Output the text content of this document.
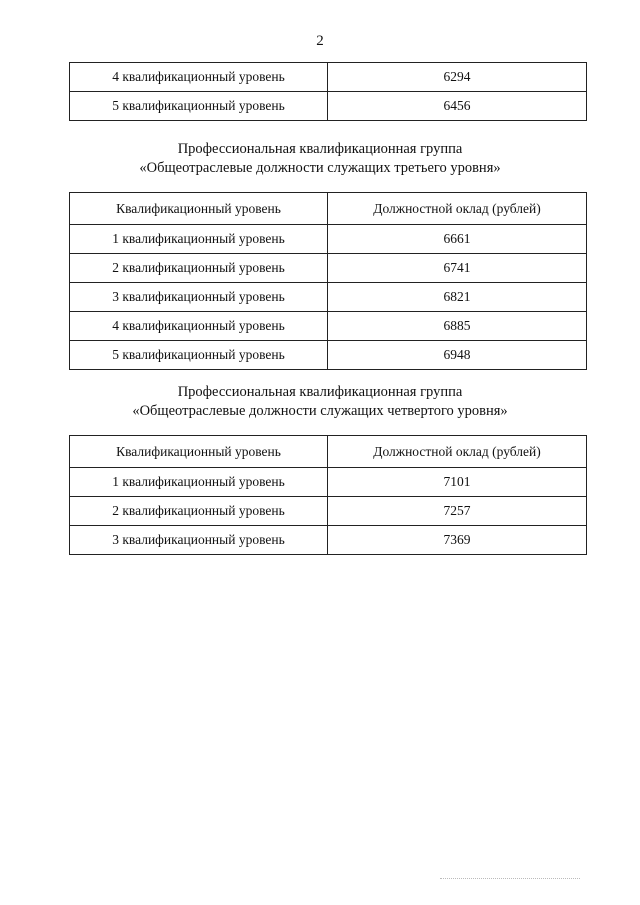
2
4 квалификационный уровень	6294
5 квалификационный уровень	6456
Профессиональная квалификационная группа
«Общеотраслевые должности служащих третьего уровня»
Квалификационный уровень	Должностной оклад (рублей)
1 квалификационный уровень	6661
2 квалификационный уровень	6741
3 квалификационный уровень	6821
4 квалификационный уровень	6885
5 квалификационный уровень	6948
Профессиональная квалификационная группа
«Общеотраслевые должности служащих четвертого уровня»
Квалификационный уровень	Должностной оклад (рублей)
1 квалификационный уровень	7101
2 квалификационный уровень	7257
3 квалификационный уровень	7369
